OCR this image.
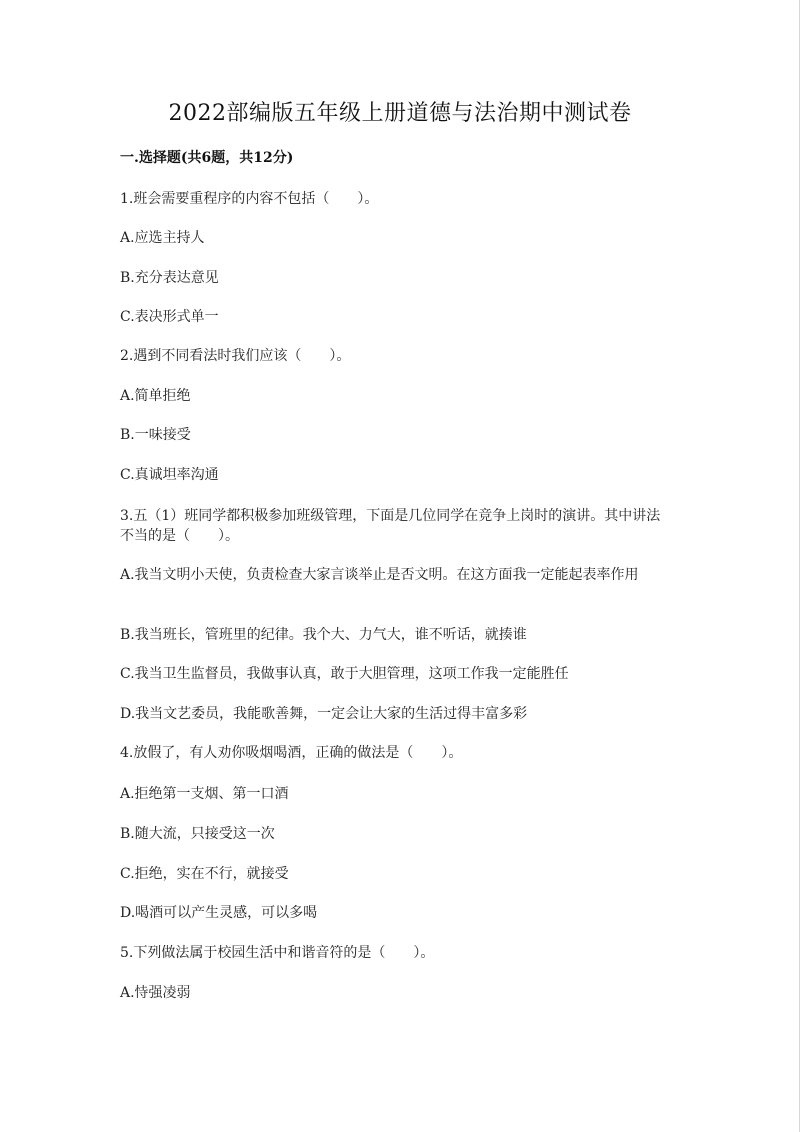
2022部编版五年级上册道德与法治期中测试卷
一.选择题(共6题，共12分)
1.班会需要重程序的内容不包括（　　）。
A.应选主持人
B.充分表达意见
C.表决形式单一
2.遇到不同看法时我们应该（　　）。
A.简单拒绝
B.一味接受
C.真诚坦率沟通
3.五（1）班同学都积极参加班级管理，下面是几位同学在竞争上岗时的演讲。其中讲法不当的是（　　）。
A.我当文明小天使，负责检查大家言谈举止是否文明。在这方面我一定能起表率作用
B.我当班长，管班里的纪律。我个大、力气大，谁不听话，就揍谁
C.我当卫生监督员，我做事认真，敢于大胆管理，这项工作我一定能胜任
D.我当文艺委员，我能歌善舞，一定会让大家的生活过得丰富多彩
4.放假了，有人劝你吸烟喝酒，正确的做法是（　　）。
A.拒绝第一支烟、第一口酒
B.随大流，只接受这一次
C.拒绝，实在不行，就接受
D.喝酒可以产生灵感，可以多喝
5.下列做法属于校园生活中和谐音符的是（　　）。
A.恃强凌弱
